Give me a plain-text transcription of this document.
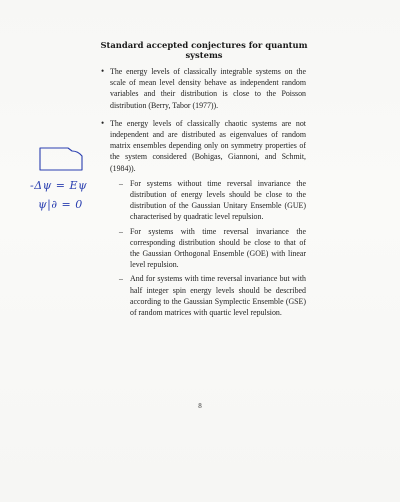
Standard accepted conjectures for quantum systems
• The energy levels of classically integrable systems on the scale of mean level density behave as independent random variables and their distribution is close to the Poisson distribution (Berry, Tabor (1977)).
• The energy levels of classically chaotic systems are not independent and are distributed as eigenvalues of random matrix ensembles depending only on symmetry properties of the system considered (Bohigas, Giannoni, and Schmit, (1984)).
– For systems without time reversal invariance the distribution of energy levels should be close to the distribution of the Gaussian Unitary Ensemble (GUE) characterised by quadratic level repulsion.
– For systems with time reversal invariance the corresponding distribution should be close to that of the Gaussian Orthogonal Ensemble (GOE) with linear level repulsion.
– And for systems with time reversal invariance but with half integer spin energy levels should be described according to the Gaussian Symplectic Ensemble (GSE) of random matrices with quartic level repulsion.
-Δψ = Eψ
ψ|∂ = 0
8
